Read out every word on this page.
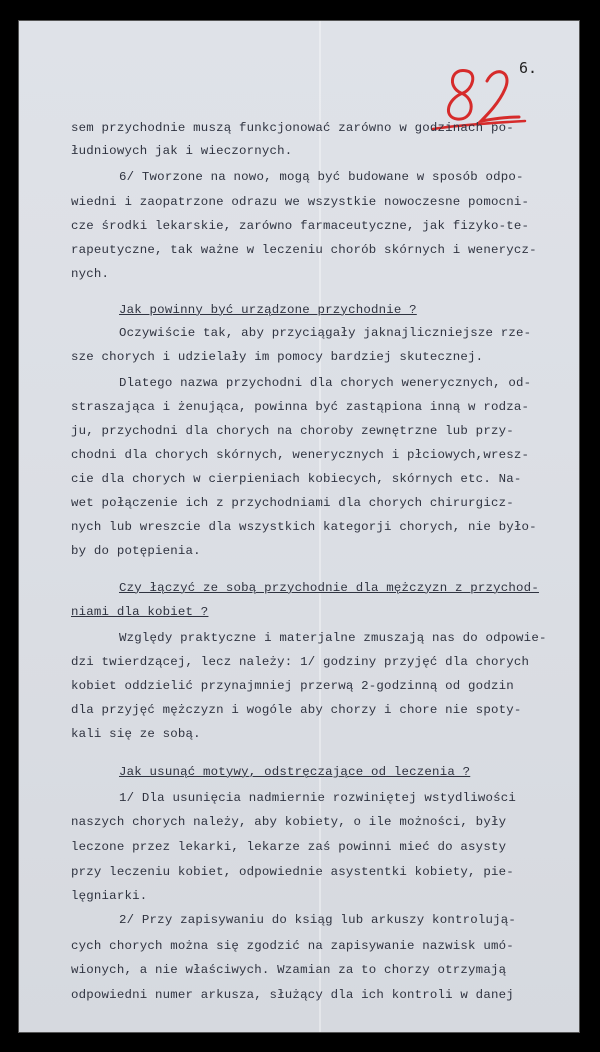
6.
sem przychodnie muszą funkcjonować zarówno w godzinach po-
łudniowych jak i wieczornych.
6/ Tworzone na nowo, mogą być budowane w sposób odpo-
wiedni i zaopatrzone odrazu we wszystkie nowoczesne pomocni-
cze środki lekarskie, zarówno farmaceutyczne, jak fizyko-te-
rapeutyczne, tak ważne w leczeniu chorób skórnych i wenerycz-
nych.
Jak powinny być urządzone przychodnie ?
Oczywiście tak, aby przyciągały jaknajliczniejsze rze-
sze chorych i udzielały im pomocy bardziej skutecznej.
Dlatego nazwa przychodni dla chorych wenerycznych, od-
straszająca i żenująca, powinna być zastąpiona inną w rodza-
ju, przychodni dla chorych na choroby zewnętrzne lub przy-
chodni dla chorych skórnych, wenerycznych i płciowych,wresz-
cie dla chorych w cierpieniach kobiecych, skórnych etc. Na-
wet połączenie ich z przychodniami dla chorych chirurgicz-
nych lub wreszcie dla wszystkich kategorji chorych, nie było-
by do potępienia.
Czy łączyć ze sobą przychodnie dla mężczyzn z przychod-
niami dla kobiet ?
Względy praktyczne i materjalne zmuszają nas do odpowie-
dzi twierdzącej, lecz należy: 1/ godziny przyjęć dla chorych
kobiet oddzielić przynajmniej przerwą 2-godzinną od godzin
dla przyjęć mężczyzn i wogóle aby chorzy i chore nie spoty-
kali się ze sobą.
Jak usunąć motywy, odstręczające od leczenia ?
1/ Dla usunięcia nadmiernie rozwiniętej wstydliwości
naszych chorych należy, aby kobiety, o ile możności, były
leczone przez lekarki, lekarze zaś powinni mieć do asysty
przy leczeniu kobiet, odpowiednie asystentki kobiety, pie-
lęgniarki.
2/ Przy zapisywaniu do ksiąg lub arkuszy kontrolują-
cych chorych można się zgodzić na zapisywanie nazwisk umó-
wionych, a nie właściwych. Wzamian za to chorzy otrzymają
odpowiedni numer arkusza, służący dla ich kontroli w danej
